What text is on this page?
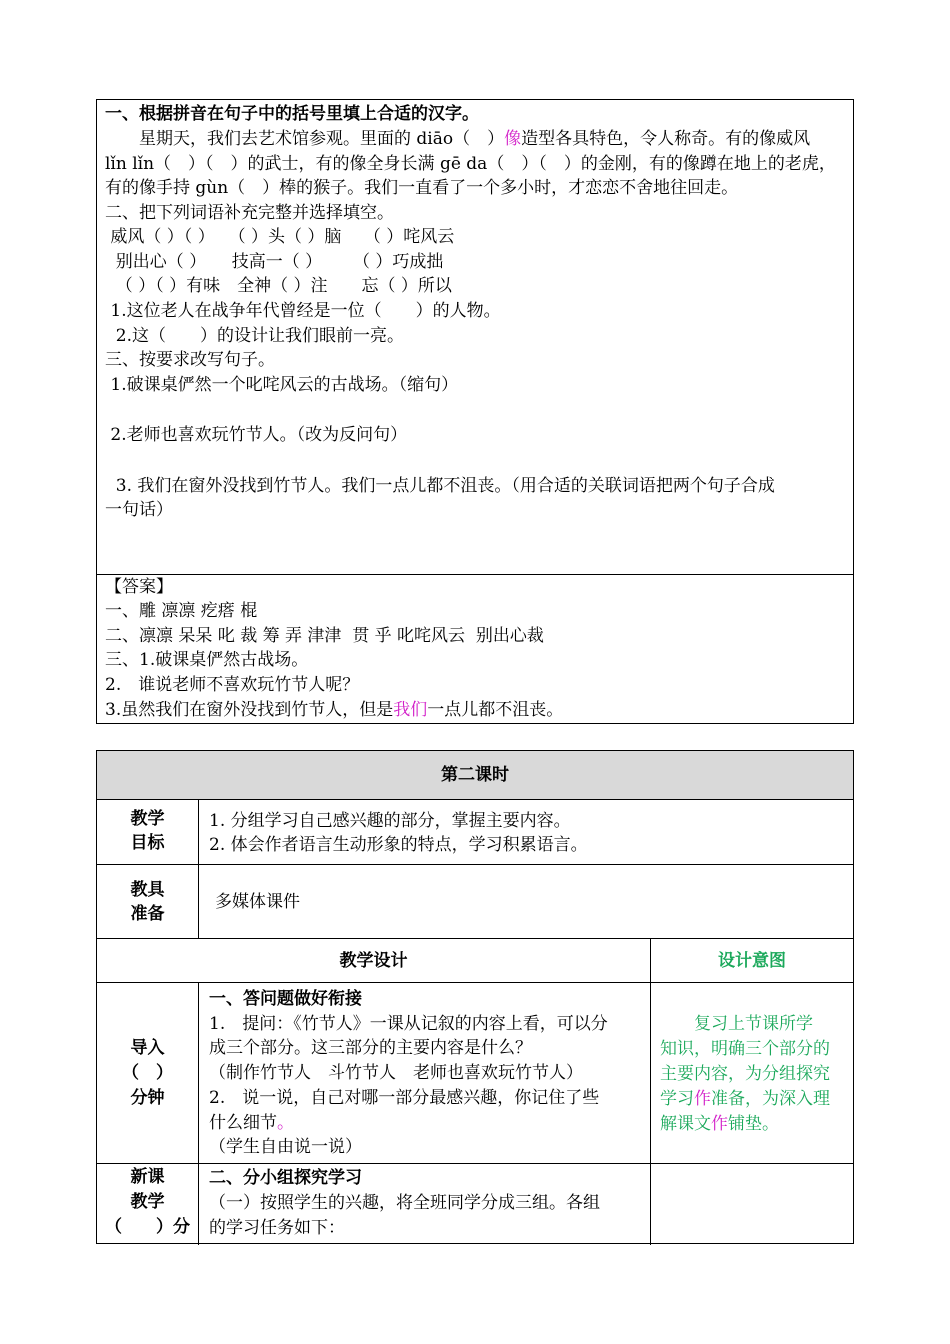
一、根据拼音在句子中的括号里填上合适的汉字。
　　星期天，我们去艺术馆参观。里面的 diāo（　）像造型各具特色，令人称奇。有的像威风
lǐn lǐn（　）（　）的武士，有的像全身长满 gē da（　）（　）的金刚，有的像蹲在地上的老虎，
有的像手持 gùn（　）棒的猴子。我们一直看了一个多小时，才恋恋不舍地往回走。
二、把下列词语补充完整并选择填空。
威风（ ）（ ）　 （ ）头（ ）脑　 （ ）咤风云
别出心（ ）　　技高一（ ）　　 （ ）巧成拙
（ ）（ ）有味　全神（ ）注　　忘（ ）所以
1.这位老人在战争年代曾经是一位（　　）的人物。
2.这（　　）的设计让我们眼前一亮。
三、按要求改写句子。
1.破课桌俨然一个叱咤风云的古战场。（缩句）
2.老师也喜欢玩竹节人。（改为反问句）
3. 我们在窗外没找到竹节人。我们一点儿都不沮丧。（用合适的关联词语把两个句子合成
一句话）
【答案】
一、雕 凛凛 疙瘩 棍
二、凛凛 呆呆 叱 裁 筹 弄 津津  贯 乎 叱咤风云  别出心裁
三、1.破课桌俨然古战场。
2.　谁说老师不喜欢玩竹节人呢？
3.虽然我们在窗外没找到竹节人，但是我们一点儿都不沮丧。
第二课时
教学
目标
1. 分组学习自己感兴趣的部分，掌握主要内容。
2. 体会作者语言生动形象的特点，学习积累语言。
教具
准备
多媒体课件
教学设计	设计意图
导入
（　）
分钟
一、答问题做好衔接
1.　提问：《竹节人》一课从记叙的内容上看，可以分
成三个部分。这三部分的主要内容是什么？
（制作竹节人　斗竹节人　老师也喜欢玩竹节人）
2.　说一说，自己对哪一部分最感兴趣，你记住了些
什么细节。
（学生自由说一说）
　　复习上节课所学
知识，明确三个部分的
主要内容，为分组探究
学习作准备，为深入理
解课文作铺垫。
新课
教学
（　　）分
二、分小组探究学习
（一）按照学生的兴趣，将全班同学分成三组。各组
的学习任务如下：
